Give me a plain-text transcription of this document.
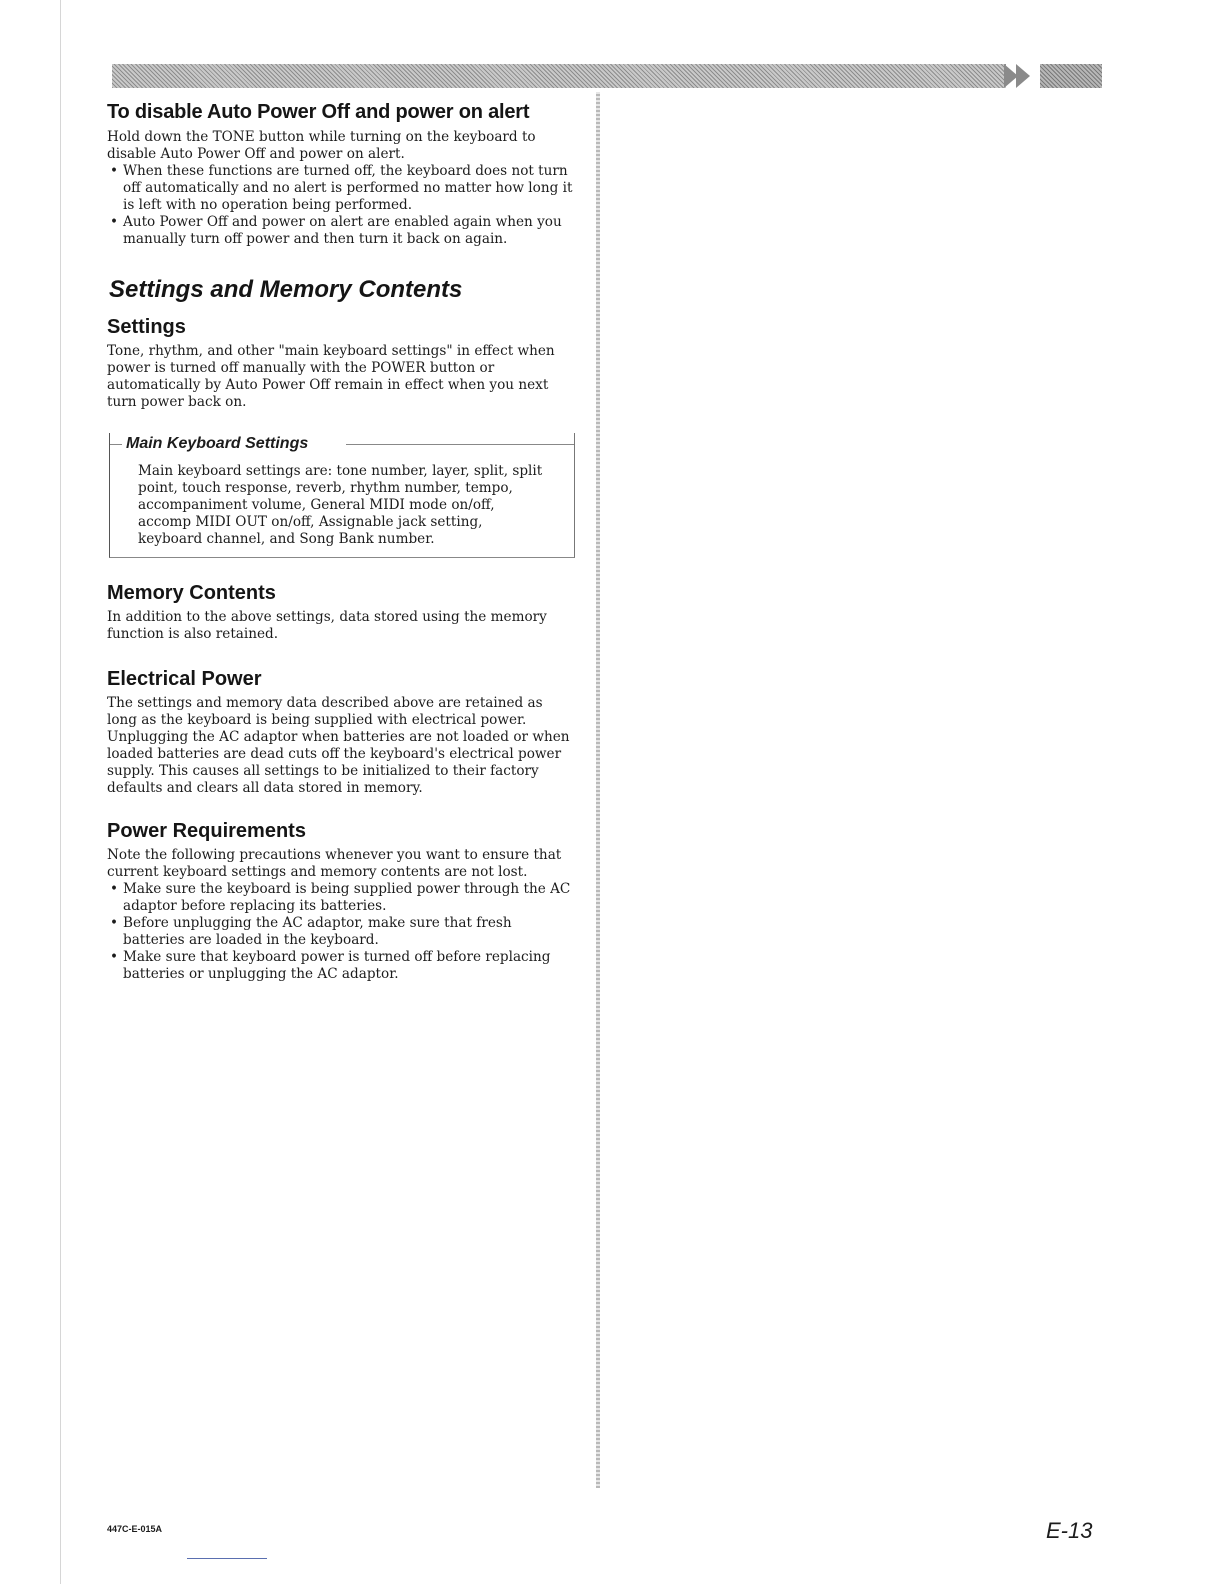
To disable Auto Power Off and power on alert

Hold down the TONE button while turning on the keyboard to disable Auto Power Off and power on alert.

• When these functions are turned off, the keyboard does not turn off automatically and no alert is performed no matter how long it is left with no operation being performed.
• Auto Power Off and power on alert are enabled again when you manually turn off power and then turn it back on again.
Settings and Memory Contents
Settings

Tone, rhythm, and other "main keyboard settings" in effect when power is turned off manually with the POWER button or automatically by Auto Power Off remain in effect when you next turn power back on.

Main Keyboard Settings

Main keyboard settings are: tone number, layer, split, split point, touch response, reverb, rhythm number, tempo, accompaniment volume, General MIDI mode on/off, accomp MIDI OUT on/off, Assignable jack setting, keyboard channel, and Song Bank number.

Memory Contents

In addition to the above settings, data stored using the memory function is also retained.

Electrical Power

The settings and memory data described above are retained as long as the keyboard is being supplied with electrical power. Unplugging the AC adaptor when batteries are not loaded or when loaded batteries are dead cuts off the keyboard's electrical power supply. This causes all settings to be initialized to their factory defaults and clears all data stored in memory.

Power Requirements

Note the following precautions whenever you want to ensure that current keyboard settings and memory contents are not lost.

• Make sure the keyboard is being supplied power through the AC adaptor before replacing its batteries.
• Before unplugging the AC adaptor, make sure that fresh batteries are loaded in the keyboard.
• Make sure that keyboard power is turned off before replacing batteries or unplugging the AC adaptor.
447C-E-015A	E-13
